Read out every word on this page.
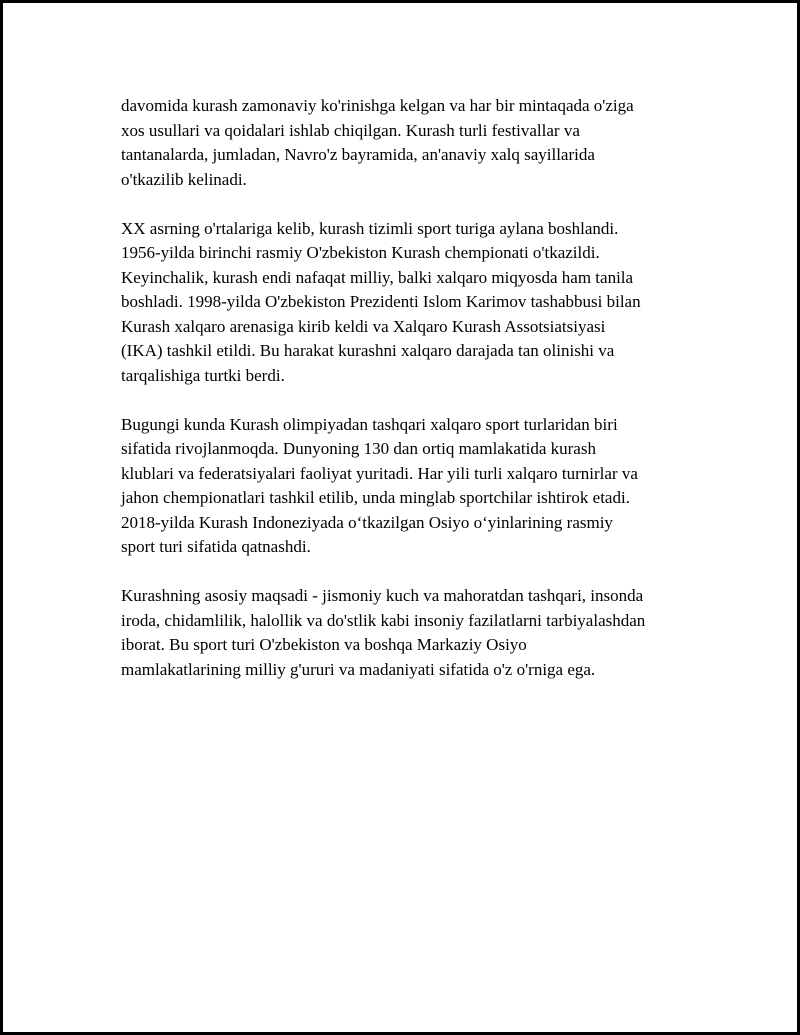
davomida kurash zamonaviy ko'rinishga kelgan va har bir mintaqada o'ziga
xos usullari va qoidalari ishlab chiqilgan. Kurash turli festivallar va
tantanalarda, jumladan, Navro'z bayramida, an'anaviy xalq sayillarida
o'tkazilib kelinadi.

XX asrning o'rtalariga kelib, kurash tizimli sport turiga aylana boshlandi.
1956-yilda birinchi rasmiy O'zbekiston Kurash chempionati o'tkazildi.
Keyinchalik, kurash endi nafaqat milliy, balki xalqaro miqyosda ham tanila
boshladi. 1998-yilda O'zbekiston Prezidenti Islom Karimov tashabbusi bilan
Kurash xalqaro arenasiga kirib keldi va Xalqaro Kurash Assotsiatsiyasi
(IKA) tashkil etildi. Bu harakat kurashni xalqaro darajada tan olinishi va
tarqalishiga turtki berdi.

Bugungi kunda Kurash olimpiyadan tashqari xalqaro sport turlaridan biri
sifatida rivojlanmoqda. Dunyoning 130 dan ortiq mamlakatida kurash
klublari va federatsiyalari faoliyat yuritadi. Har yili turli xalqaro turnirlar va
jahon chempionatlari tashkil etilib, unda minglab sportchilar ishtirok etadi.
2018-yilda Kurash Indoneziyada o‘tkazilgan Osiyo o‘yinlarining rasmiy
sport turi sifatida qatnashdi.

Kurashning asosiy maqsadi - jismoniy kuch va mahoratdan tashqari, insonda
iroda, chidamlilik, halollik va do'stlik kabi insoniy fazilatlarni tarbiyalashdan
iborat. Bu sport turi O'zbekiston va boshqa Markaziy Osiyo
mamlakatlarining milliy g'ururi va madaniyati sifatida o'z o'rniga ega.
